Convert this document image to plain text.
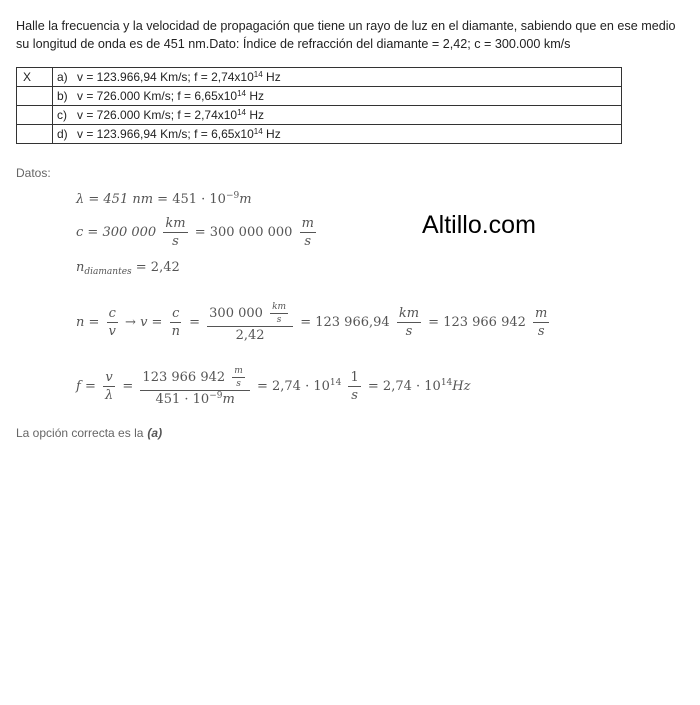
Halle la frecuencia y la velocidad de propagación que tiene un rayo de luz en el diamante, sabiendo que en ese medio su longitud de onda es de 451 nm.Dato: Índice de refracción del diamante = 2,42; c = 300.000 km/s
X	a) v = 123.966,94 Km/s; $f = 2,74x10^{14}$ Hz
	b) v = 726.000 Km/s; $f = 6,65x10^{14}$ Hz
	c) v = 726.000 Km/s; $f = 2,74x10^{14}$ Hz
	d) v = 123.966,94 Km/s; $f = 6,65x10^{14}$ Hz
Datos:
Altillo.com
λ = 451 nm = $451 \cdot 10^{-9}m$
c = 300 $000 \frac{km}{s} = 300$ 000 $000 \frac{m}{s}$
$n_{diamantes} = 2,42$
$n = \frac{c}{v} \to v = \frac{c}{n} = \frac{300 000 \frac{km}{s}}{2,42} = 123$ $966,94 \frac{km}{s} = 123$ 966 $942 \frac{m}{s}$
$f = \frac{v}{\lambda} = \frac{123 966 942 \frac{m}{s}}{451 \cdot 10^{-9}m} = 2,74 \cdot 10^{14} \frac{1}{s} = 2,74 \cdot 10^{14}Hz$
La opción correcta es la (a)
